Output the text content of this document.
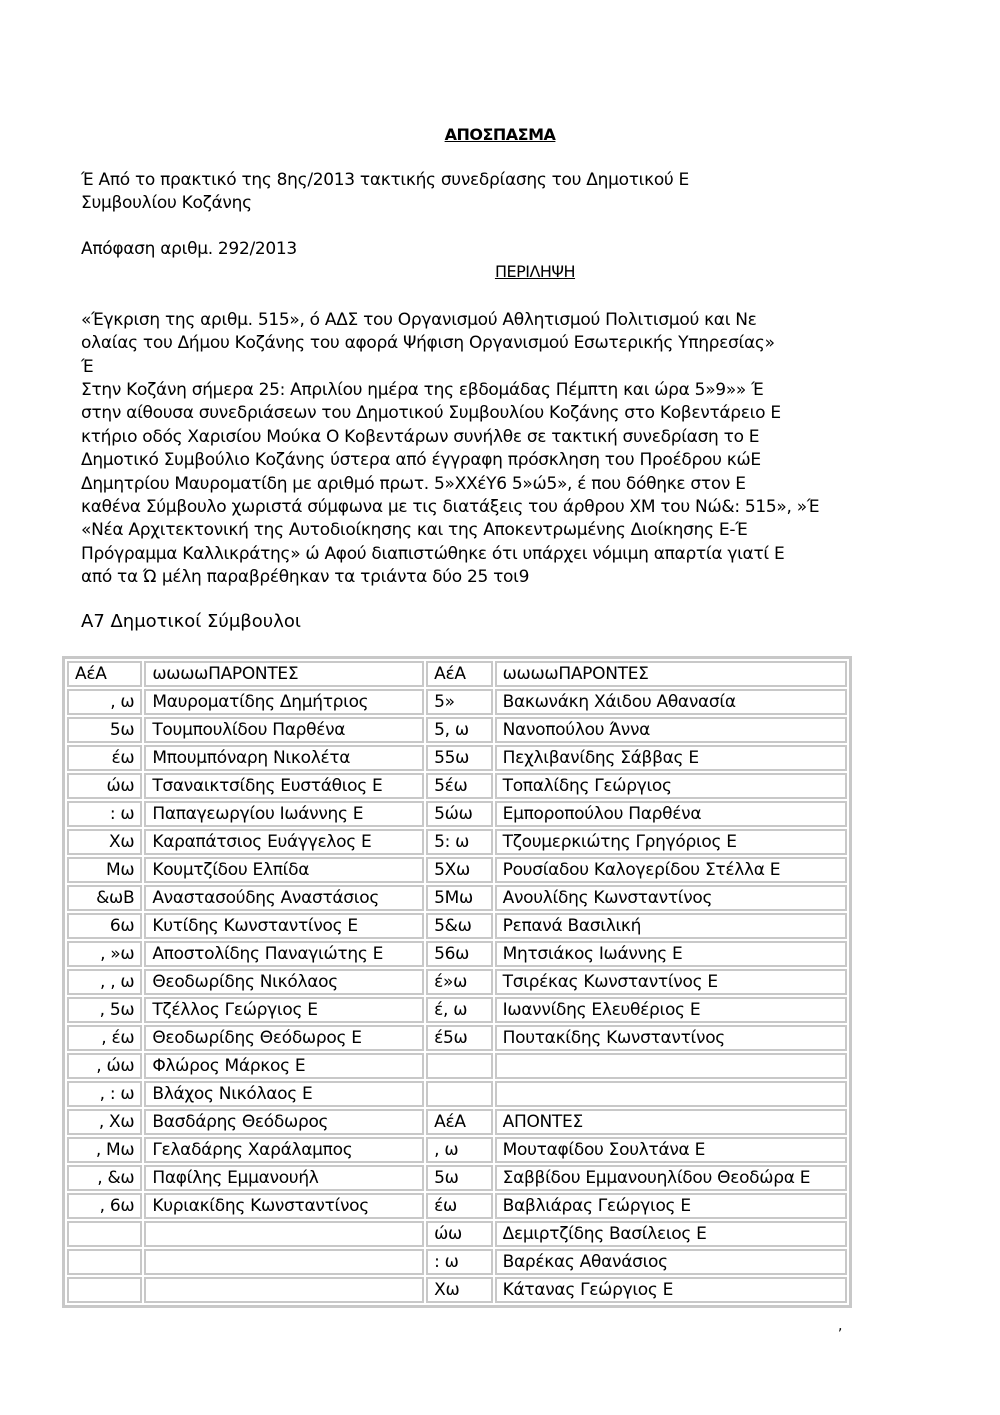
ΑΠΟΣΠΑΣΜΑ
Έ Από το πρακτικό της 8ης/2013 τακτικής συνεδρίασης του Δημοτικού Ε
Συμβουλίου Κοζάνης
Απόφαση αριθμ. 292/2013
ΠΕΡΙΛΗΨΗ
«Έγκριση της αριθμ. 515», ό ΑΔΣ του Οργανισμού Αθλητισμού Πολιτισμού και Νε
ολαίας του Δήμου Κοζάνης του αφορά Ψήφιση Οργανισμού Εσωτερικής Υπηρεσίας»
Έ
Στην Κοζάνη σήμερα 25: Απριλίου ημέρα της εβδομάδας Πέμπτη και ώρα 5»9»» Έ
στην αίθουσα συνεδριάσεων του Δημοτικού Συμβουλίου Κοζάνης στο Κοβεντάρειο Ε
κτήριο οδός Χαρισίου Μούκα Ο Κοβεντάρων συνήλθε σε τακτική συνεδρίαση το Ε
Δημοτικό Συμβούλιο Κοζάνης ύστερα από έγγραφη πρόσκληση του Προέδρου κώΕ
Δημητρίου Μαυροματίδη με αριθμό πρωτ. 5»ΧΧέΥ6 5»ώ5», έ που δόθηκε στον Ε
καθένα Σύμβουλο χωριστά σύμφωνα με τις διατάξεις του άρθρου ΧΜ του Νώ&: 515», »Έ
«Νέα Αρχιτεκτονική της Αυτοδιοίκησης και της Αποκεντρωμένης Διοίκησης Ε-Έ
Πρόγραμμα Καλλικράτης» ώ Αφού διαπιστώθηκε ότι υπάρχει νόμιμη απαρτία γιατί Ε
από τα Ώ μέλη παραβρέθηκαν τα τριάντα δύο 25 τοι9
Α7 Δημοτικοί Σύμβουλοι
ΑέΑ	ωωωωΠΑΡΟΝΤΕΣ	ΑέΑ	ωωωωΠΑΡΟΝΤΕΣ
, ω	Μαυροματίδης Δημήτριος	5»	Βακωνάκη Χάιδου Αθανασία
5ω	Τουμπουλίδου Παρθένα	5, ω	Νανοπούλου Άννα
έω	Μπουμπόναρη Νικολέτα	55ω	Πεχλιβανίδης Σάββας Ε
ώω	Τσαναικτσίδης Ευστάθιος Ε	5έω	Τοπαλίδης Γεώργιος
: ω	Παπαγεωργίου Ιωάννης Ε	5ώω	Εμποροπούλου Παρθένα
Χω	Καραπάτσιος Ευάγγελος Ε	5: ω	Τζουμερκιώτης Γρηγόριος Ε
Μω	Κουμτζίδου Ελπίδα	5Χω	Ρουσίαδου Καλογερίδου Στέλλα Ε
&ωΒ	Αναστασούδης Αναστάσιος	5Μω	Ανουλίδης Κωνσταντίνος
6ω	Κυτίδης Κωνσταντίνος Ε	5&ω	Ρεπανά Βασιλική
, »ω	Αποστολίδης Παναγιώτης Ε	56ω	Μητσιάκος Ιωάννης Ε
, , ω	Θεοδωρίδης Νικόλαος	έ»ω	Τσιρέκας Κωνσταντίνος Ε
, 5ω	Τζέλλος Γεώργιος Ε	έ, ω	Ιωαννίδης Ελευθέριος Ε
, έω	Θεοδωρίδης Θεόδωρος Ε	έ5ω	Πουτακίδης Κωνσταντίνος
, ώω	Φλώρος Μάρκος Ε		
, : ω	Βλάχος Νικόλαος Ε		
, Χω	Βασδάρης Θεόδωρος	ΑέΑ	ΑΠΟΝΤΕΣ
, Μω	Γελαδάρης Χαράλαμπος	, ω	Μουταφίδου Σουλτάνα Ε
, &ω	Παφίλης Εμμανουήλ	5ω	Σαββίδου Εμμανουηλίδου Θεοδώρα Ε
, 6ω	Κυριακίδης Κωνσταντίνος	έω	Βαβλιάρας Γεώργιος Ε
		ώω	Δεμιρτζίδης Βασίλειος Ε
		: ω	Βαρέκας Αθανάσιος
		Χω	Κάτανας Γεώργιος Ε
,
